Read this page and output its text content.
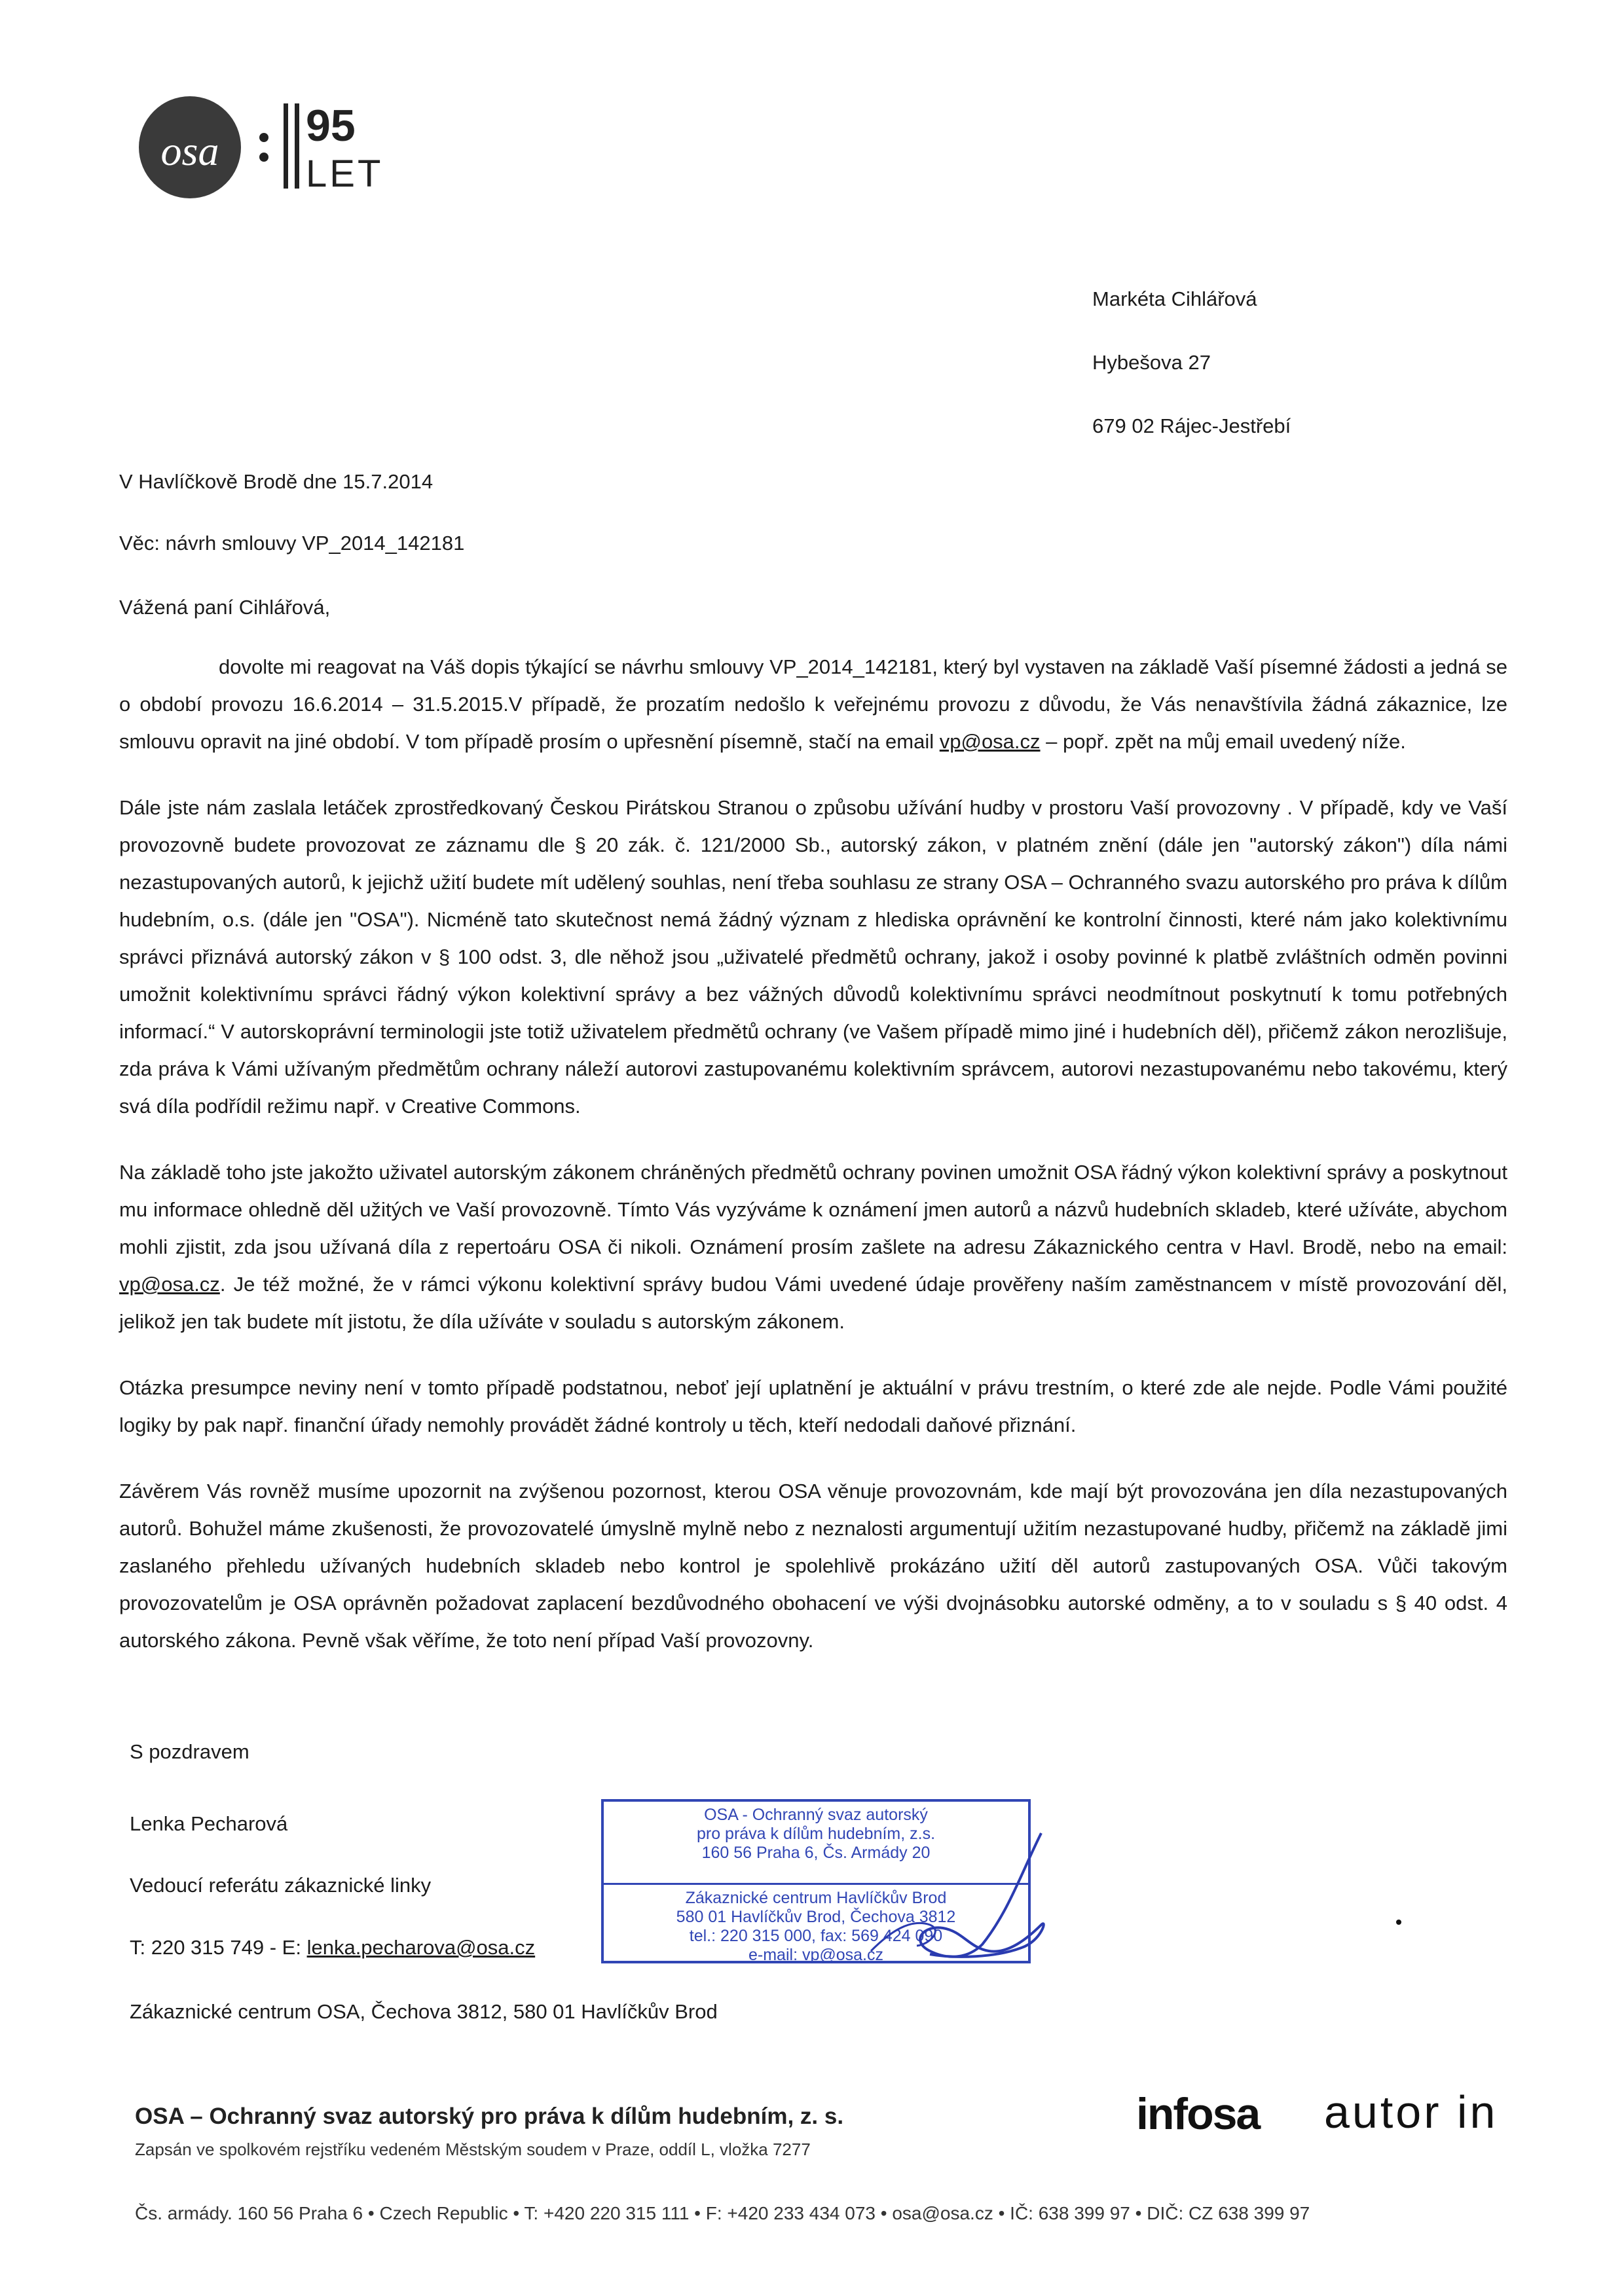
osa
95
LET
Markéta Cihlářová
Hybešova 27
679 02 Rájec-Jestřebí
V Havlíčkově Brodě dne 15.7.2014
Věc: návrh smlouvy VP_2014_142181
Vážená paní Cihlářová,

dovolte mi reagovat na Váš dopis týkající se návrhu smlouvy VP_2014_142181, který byl vystaven na základě Vaší písemné žádosti a jedná se o období provozu 16.6.2014 – 31.5.2015.V případě, že prozatím nedošlo k veřejnému provozu z důvodu, že Vás nenavštívila žádná zákaznice, lze smlouvu opravit na jiné období. V tom případě prosím o upřesnění písemně, stačí na email vp@osa.cz – popř. zpět na můj email uvedený níže.

Dále jste nám zaslala letáček zprostředkovaný Českou Pirátskou Stranou o způsobu užívání hudby v prostoru Vaší provozovny . V případě, kdy ve Vaší provozovně budete provozovat ze záznamu dle § 20 zák. č. 121/2000 Sb., autorský zákon, v platném znění (dále jen "autorský zákon") díla námi nezastupovaných autorů, k jejichž užití budete mít udělený souhlas, není třeba souhlasu ze strany OSA – Ochranného svazu autorského pro práva k dílům hudebním, o.s. (dále jen "OSA"). Nicméně tato skutečnost nemá žádný význam z hlediska oprávnění ke kontrolní činnosti, které nám jako kolektivnímu správci přiznává autorský zákon v § 100 odst. 3, dle něhož jsou „uživatelé předmětů ochrany, jakož i osoby povinné k platbě zvláštních odměn povinni umožnit kolektivnímu správci řádný výkon kolektivní správy a bez vážných důvodů kolektivnímu správci neodmítnout poskytnutí k tomu potřebných informací.“ V autorskoprávní terminologii jste totiž uživatelem předmětů ochrany (ve Vašem případě mimo jiné i hudebních děl), přičemž zákon nerozlišuje, zda práva k Vámi užívaným předmětům ochrany náleží autorovi zastupovanému kolektivním správcem, autorovi nezastupovanému nebo takovému, který svá díla podřídil režimu např. v Creative Commons.

Na základě toho jste jakožto uživatel autorským zákonem chráněných předmětů ochrany povinen umožnit OSA řádný výkon kolektivní správy a poskytnout mu informace ohledně děl užitých ve Vaší provozovně. Tímto Vás vyzýváme k oznámení jmen autorů a názvů hudebních skladeb, které užíváte, abychom mohli zjistit, zda jsou užívaná díla z repertoáru OSA či nikoli. Oznámení prosím zašlete na adresu Zákaznického centra v Havl. Brodě, nebo na email: vp@osa.cz. Je též možné, že v rámci výkonu kolektivní správy budou Vámi uvedené údaje prověřeny naším zaměstnancem v místě provozování děl, jelikož jen tak budete mít jistotu, že díla užíváte v souladu s autorským zákonem.

Otázka presumpce neviny není v tomto případě podstatnou, neboť její uplatnění je aktuální v právu trestním, o které zde ale nejde. Podle Vámi použité logiky by pak např. finanční úřady nemohly provádět žádné kontroly u těch, kteří nedodali daňové přiznání.

Závěrem Vás rovněž musíme upozornit na zvýšenou pozornost, kterou OSA věnuje provozovnám, kde mají být provozována jen díla nezastupovaných autorů. Bohužel máme zkušenosti, že provozovatelé úmyslně mylně nebo z neznalosti argumentují užitím nezastupované hudby, přičemž na základě jimi zaslaného přehledu užívaných hudebních skladeb nebo kontrol je spolehlivě prokázáno užití děl autorů zastupovaných OSA. Vůči takovým provozovatelům je OSA oprávněn požadovat zaplacení bezdůvodného obohacení ve výši dvojnásobku autorské odměny, a to v souladu s § 40 odst. 4 autorského zákona. Pevně však věříme, že toto není případ Vaší provozovny.

S pozdravem
Lenka Pecharová
Vedoucí referátu zákaznické linky
T: 220 315 749 - E: lenka.pecharova@osa.cz
Zákaznické centrum OSA, Čechova 3812, 580 01 Havlíčkův Brod
OSA - Ochranný svaz autorský
pro práva k dílům hudebním, z.s.
160 56 Praha 6, Čs. Armády 20
Zákaznické centrum Havlíčkův Brod
580 01 Havlíčkův Brod, Čechova 3812
tel.: 220 315 000, fax: 569 424 090
e-mail: vp@osa.cz
OSA – Ochranný svaz autorský pro práva k dílům hudebním, z. s.
Zapsán ve spolkovém rejstříku vedeném Městským soudem v Praze, oddíl L, vložka 7277
Čs. armády. 160 56 Praha 6 • Czech Republic • T: +420 220 315 111 • F: +420 233 434 073 • osa@osa.cz • IČ: 638 399 97 • DIČ: CZ 638 399 97
infosa autor in
